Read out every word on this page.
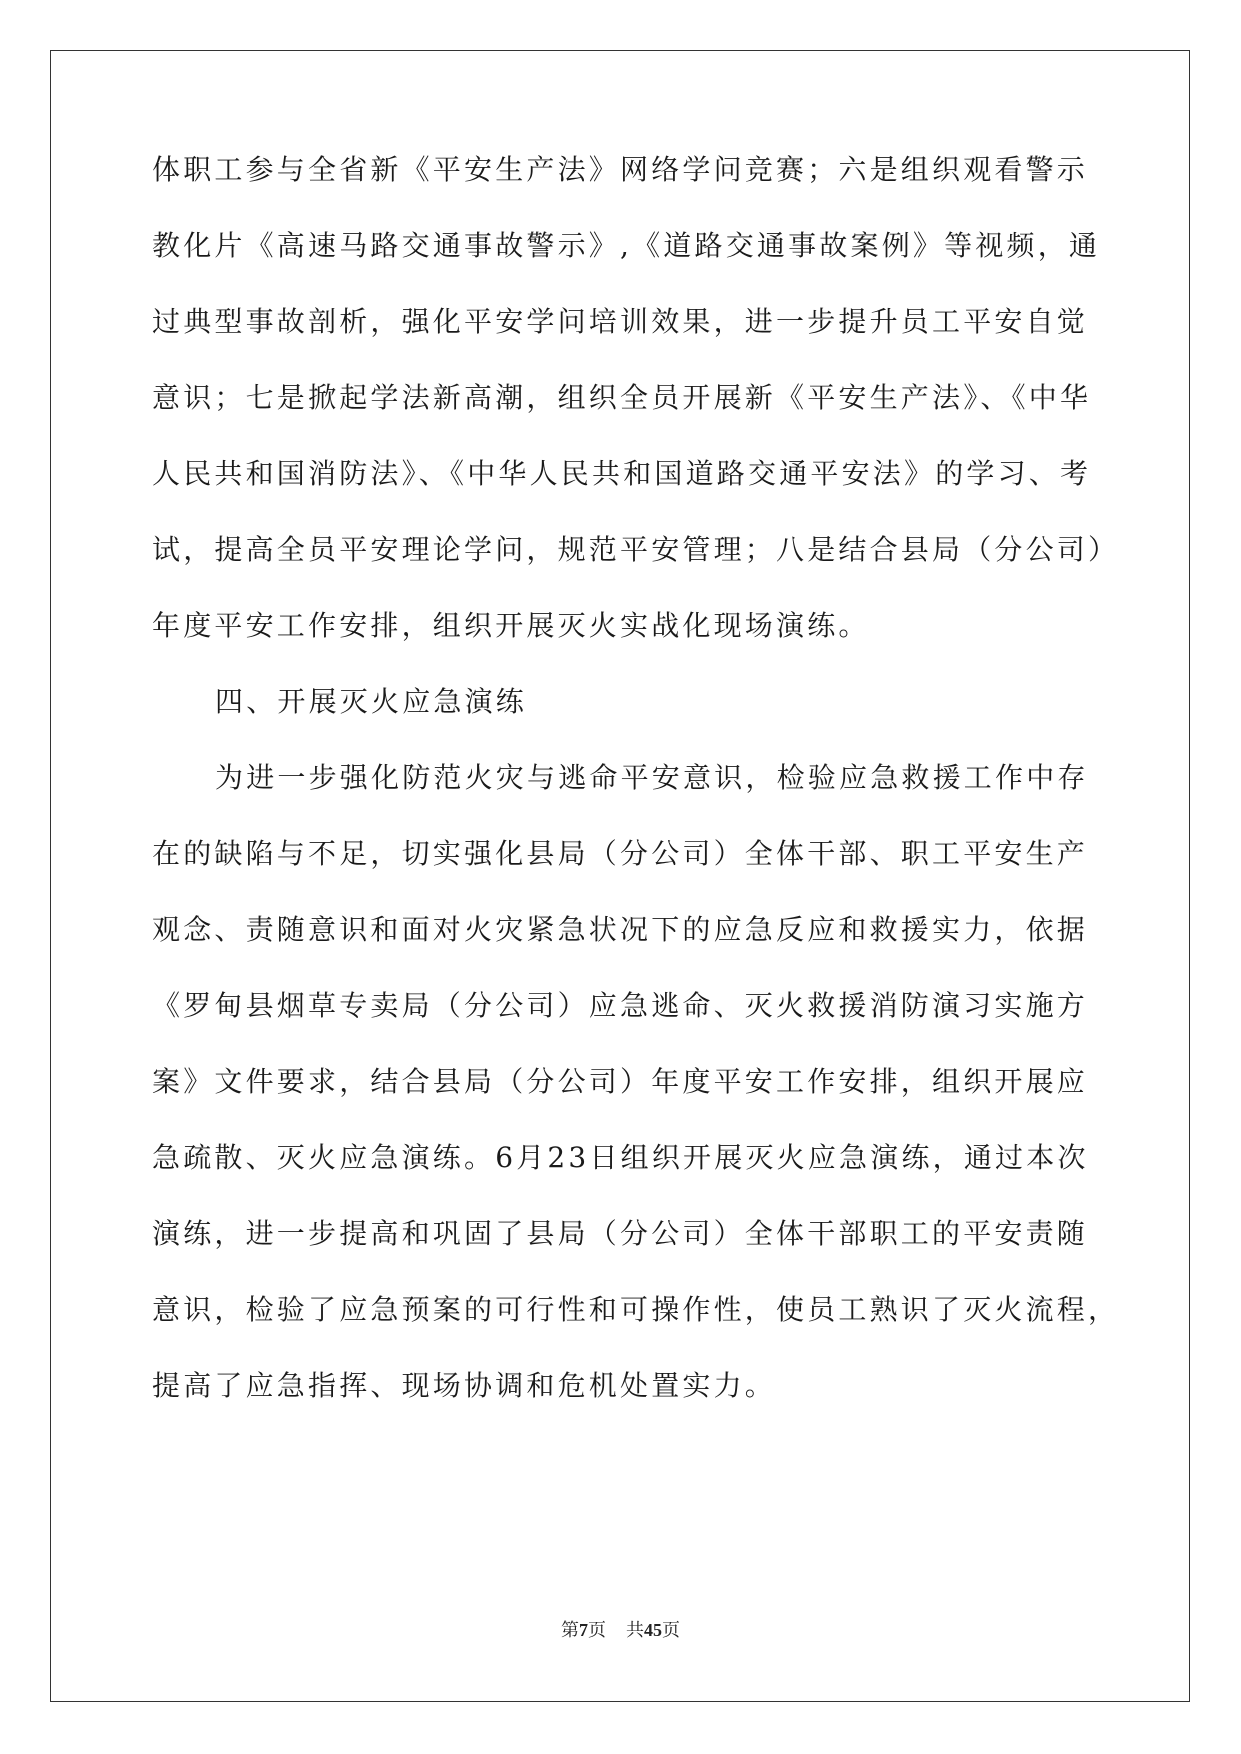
体职工参与全省新《平安生产法》网络学问竞赛；六是组织观看警示
教化片《高速马路交通事故警示》,《道路交通事故案例》等视频，通
过典型事故剖析，强化平安学问培训效果，进一步提升员工平安自觉
意识；七是掀起学法新高潮，组织全员开展新《平安生产法》、《中华
人民共和国消防法》、《中华人民共和国道路交通平安法》的学习、考
试，提高全员平安理论学问，规范平安管理；八是结合县局（分公司）
年度平安工作安排，组织开展灭火实战化现场演练。
四、开展灭火应急演练
为进一步强化防范火灾与逃命平安意识，检验应急救援工作中存
在的缺陷与不足，切实强化县局（分公司）全体干部、职工平安生产
观念、责随意识和面对火灾紧急状况下的应急反应和救援实力，依据
《罗甸县烟草专卖局（分公司）应急逃命、灭火救援消防演习实施方
案》文件要求，结合县局（分公司）年度平安工作安排，组织开展应
急疏散、灭火应急演练。6月23日组织开展灭火应急演练，通过本次
演练，进一步提高和巩固了县局（分公司）全体干部职工的平安责随
意识，检验了应急预案的可行性和可操作性，使员工熟识了灭火流程，
提高了应急指挥、现场协调和危机处置实力。
第7页 共45页
